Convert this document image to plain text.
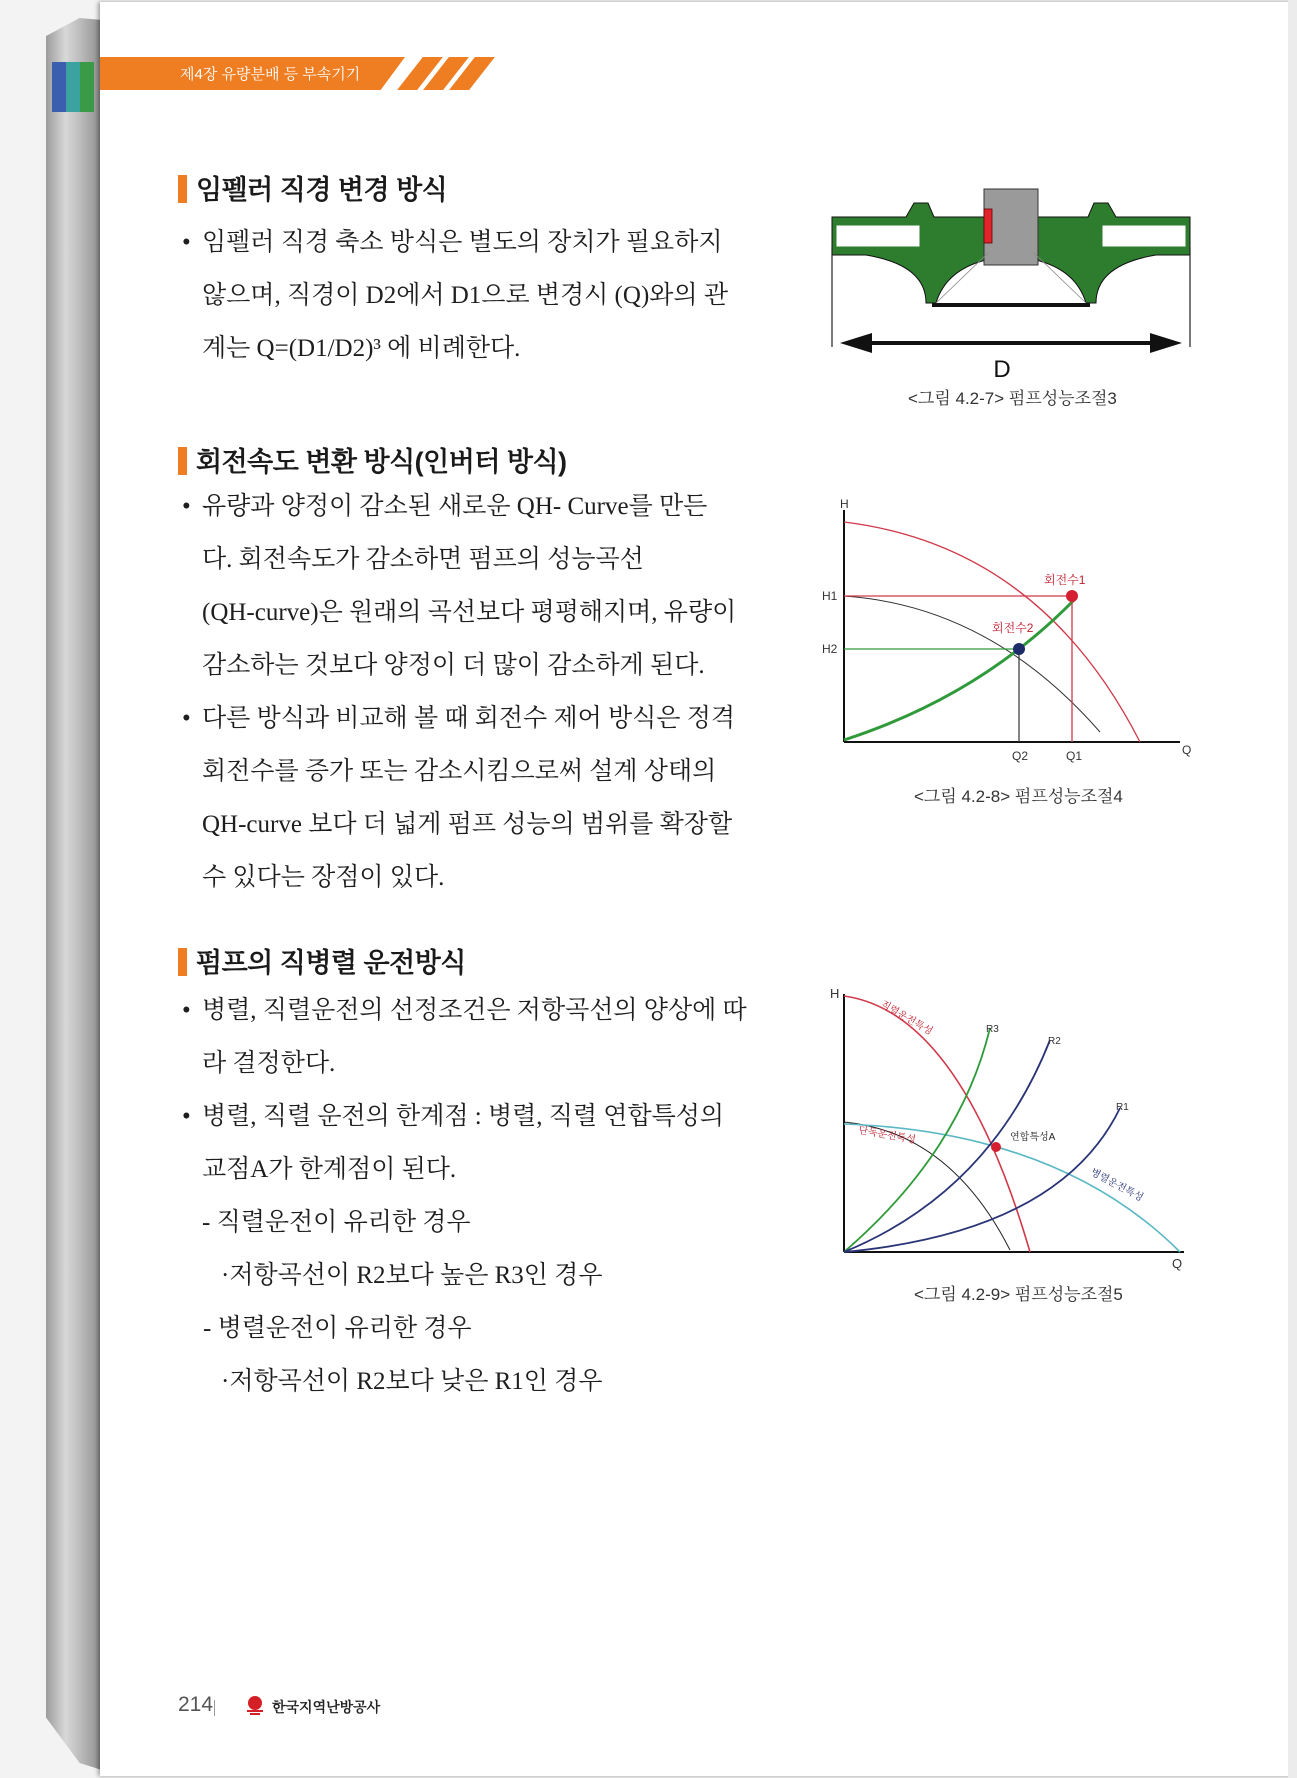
제4장 유량분배 등 부속기기
임펠러 직경 변경 방식
• 임펠러 직경 축소 방식은 별도의 장치가 필요하지
않으며, 직경이 D2에서 D1으로 변경시 (Q)와의 관
계는 Q=(D1/D2)³ 에 비례한다.
D
<그림 4.2-7> 펌프성능조절3
회전속도 변환 방식(인버터 방식)
• 유량과 양정이 감소된 새로운 QH- Curve를 만든
다. 회전속도가 감소하면 펌프의 성능곡선
(QH-curve)은 원래의 곡선보다 평평해지며, 유량이
감소하는 것보다 양정이 더 많이 감소하게 된다.
• 다른 방식과 비교해 볼 때 회전수 제어 방식은 정격
회전수를 증가 또는 감소시킴으로써 설계 상태의
QH-curve 보다 더 넓게 펌프 성능의 범위를 확장할
수 있다는 장점이 있다.
H
Q
H1
H2
Q2	Q1
회전수1
회전수2
<그림 4.2-8> 펌프성능조절4
펌프의 직병렬 운전방식
• 병렬, 직렬운전의 선정조건은 저항곡선의 양상에 따
라 결정한다.
• 병렬, 직렬 운전의 한계점 : 병렬, 직렬 연합특성의
교점A가 한계점이 된다.
- 직렬운전이 유리한 경우
·저항곡선이 R2보다 높은 R3인 경우
- 병렬운전이 유리한 경우
·저항곡선이 R2보다 낮은 R1인 경우
H
Q
R3
R2
R1
직렬운전특성
단독운전특성
병렬운전특성
연합특성A
<그림 4.2-9> 펌프성능조절5
214	한국지역난방공사
